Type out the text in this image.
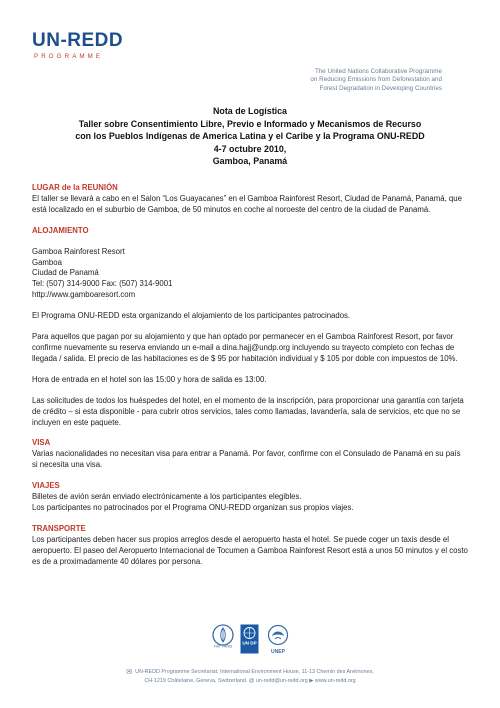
UN-REDD
PROGRAMME
The United Nations Collaborative Programme
on Reducing Emissions from Deforestation and
Forest Degradation in Developing Countries
Nota de Logística
Taller sobre Consentimiento Libre, Previo e Informado y Mecanismos de Recurso
con los Pueblos Indígenas de America Latina y el Caribe y la Programa ONU-REDD
4-7 octubre 2010,
Gamboa, Panamá
LUGAR de la REUNIÓN

El taller se llevará a cabo en el Salon “Los Guayacanes” en el Gamboa Rainforest Resort, Ciudad de Panamá, Panamá, que está localizado en el suburbio de Gamboa, de 50 minutos en coche al noroeste del centro de la ciudad de Panamá.

ALOJAMIENTO

Gamboa Rainforest Resort
Gamboa
Ciudad de Panamá
Tel: (507) 314-9000 Fax: (507) 314-9001
http://www.gamboaresort.com

El Programa ONU-REDD esta organizando el alojamiento de los participantes patrocinados.

Para aquellos que pagan por su alojamiento y que han optado por permanecer en el Gamboa Rainforest Resort, por favor confirme nuevamente su reserva enviando un e-mail a dina.hajj@undp.org incluyendo su trayecto completo con fechas de llegada / salida. El precio de las habitaciones es de $ 95 por habitación individual y $ 105 por doble con impuestos de 10%.

Hora de entrada en el hotel son las 15:00 y hora de salida es 13:00.

Las solicitudes de todos los huéspedes del hotel, en el momento de la inscripción, para proporcionar una garantía con tarjeta de crédito – si esta disponible - para cubrir otros servicios, tales como llamadas, lavandería, sala de servicios, etc que no se incluyen en este paquete.

VISA

Varias nacionalidades no necesitan visa para entrar a Panamá. Por favor, confirme con el Consulado de Panamá en su país si necesita una visa.

VIAJES
Billetes de avión serán enviado electrónicamente a los participantes elegibles.
Los participantes no patrocinados por el Programa ONU-REDD organizan sus propios viajes.
TRANSPORTE

Los participantes deben hacer sus propios arreglos desde el aeropuerto hasta el hotel. Se puede coger un taxis desde el aeropuerto. El paseo del Aeropuerto Internacional de Tocumen a Gamboa Rainforest Resort está a unos 50 minutos y el costo es de a proximadamente 40 dólares por persona.

FIAT PANIS
UN DP
UNEP
✉ UN-REDD Programme Secretariat, International Environment House, 11-13 Chemin des Anémones,
CH-1219 Châtelaine, Geneva, Switzerland. @ un-redd@un-redd.org ▶ www.un-redd.org
